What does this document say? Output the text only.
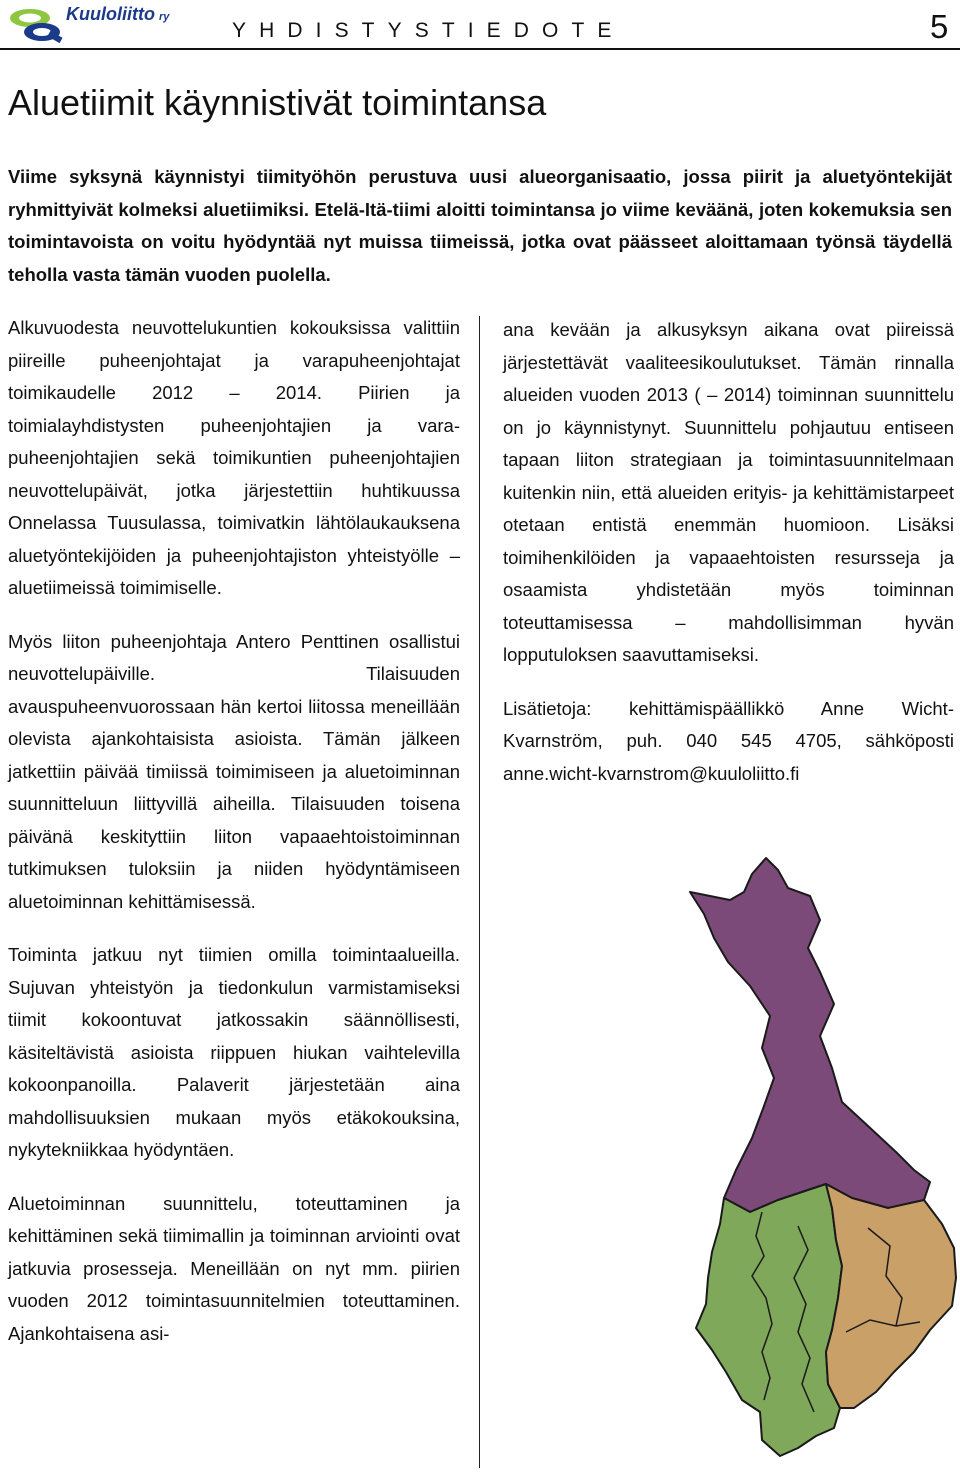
Kuuloliitto ry
YHDISTYSTIEDOTE	5
Aluetiimit käynnistivät toimintansa

Viime syksynä käynnistyi tiimityöhön perustuva uusi alueorganisaatio, jossa piirit ja aluetyöntekijät ryhmittyivät kolmeksi aluetiimiksi. Etelä-Itä-tiimi aloitti toimintansa jo viime keväänä, joten kokemuksia sen toimintavoista on voitu hyödyntää nyt muissa tiimeissä, jotka ovat päässeet aloittamaan työnsä täydellä teholla vasta tämän vuoden puolella.

Alkuvuodesta neuvottelukuntien kokouksissa valittiin piireille puheenjohtajat ja varapuheenjohtajat toimikaudelle 2012 – 2014. Piirien ja toimialayhdistysten puheenjohtajien ja varapuheenjohtajien sekä toimikuntien puheenjohtajien neuvottelupäivät, jotka järjestettiin huhtikuussa Onnelassa Tuusulassa, toimivatkin lähtölaukauksena aluetyöntekijöiden ja puheenjohtajiston yhteistyölle – aluetiimeissä toimimiselle.

Myös liiton puheenjohtaja Antero Penttinen osallistui neuvottelupäiville. Tilaisuuden avauspuheenvuorossaan hän kertoi liitossa meneillään olevista ajankohtaisista asioista. Tämän jälkeen jatkettiin päivää timiissä toimimiseen ja aluetoiminnan suunnitteluun liittyvillä aiheilla. Tilaisuuden toisena päivänä keskityttiin liiton vapaaehtoistoiminnan tutkimuksen tuloksiin ja niiden hyödyntämiseen aluetoiminnan kehittämisessä.

Toiminta jatkuu nyt tiimien omilla toimintaalueilla. Sujuvan yhteistyön ja tiedonkulun varmistamiseksi tiimit kokoontuvat jatkossakin säännöllisesti, käsiteltävistä asioista riippuen hiukan vaihtelevilla kokoonpanoilla. Palaverit järjestetään aina mahdollisuuksien mukaan myös etäkokouksina, nykytekniikkaa hyödyntäen.

Aluetoiminnan suunnittelu, toteuttaminen ja kehittäminen sekä tiimimallin ja toiminnan arviointi ovat jatkuvia prosesseja. Meneillään on nyt mm. piirien vuoden 2012 toimintasuunnitelmien toteuttaminen. Ajankohtaisena asi-

ana kevään ja alkusyksyn aikana ovat piireissä järjestettävät vaaliteesikoulutukset. Tämän rinnalla alueiden vuoden 2013 ( – 2014) toiminnan suunnittelu on jo käynnistynyt. Suunnittelu pohjautuu entiseen tapaan liiton strategiaan ja toimintasuunnitelmaan kuitenkin niin, että alueiden erityis- ja kehittämistarpeet otetaan entistä enemmän huomioon. Lisäksi toimihenkilöiden ja vapaaehtoisten resursseja ja osaamista yhdistetään myös toiminnan toteuttamisessa – mahdollisimman hyvän lopputuloksen saavuttamiseksi.

Lisätietoja: kehittämispäällikkö Anne Wicht-Kvarnström, puh. 040 545 4705, sähköposti anne.wicht-kvarnstrom@kuuloliitto.fi
